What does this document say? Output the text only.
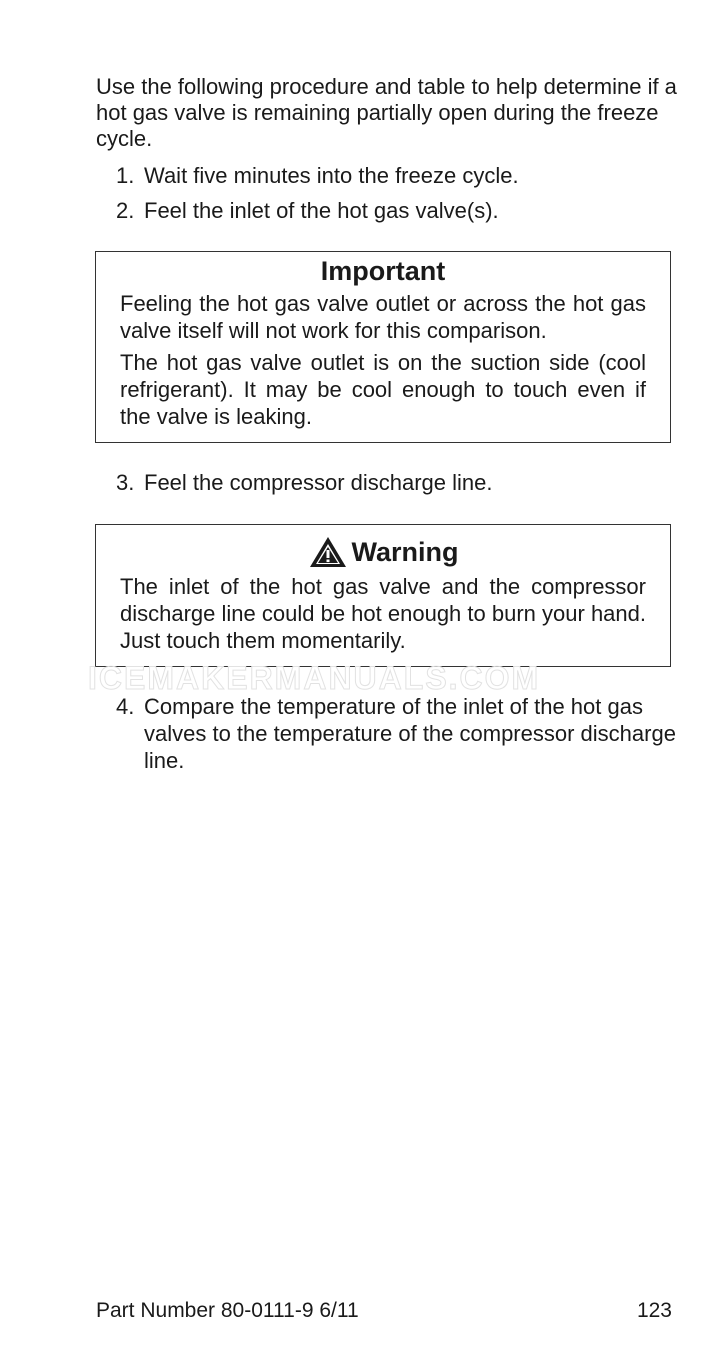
Use the following procedure and table to help determine if a hot gas valve is remaining partially open during the freeze cycle.

1. Wait five minutes into the freeze cycle.
2. Feel the inlet of the hot gas valve(s).
Important

Feeling the hot gas valve outlet or across the hot gas valve itself will not work for this comparison.

The hot gas valve outlet is on the suction side (cool refrigerant). It may be cool enough to touch even if the valve is leaking.

3. Feel the compressor discharge line.
Warning

The inlet of the hot gas valve and the compressor discharge line could be hot enough to burn your hand. Just touch them momentarily.

ICEMAKERMANUALS.COM
4. Compare the temperature of the inlet of the hot gas valves to the temperature of the compressor discharge line.
Part Number 80-0111-9 6/11	123
